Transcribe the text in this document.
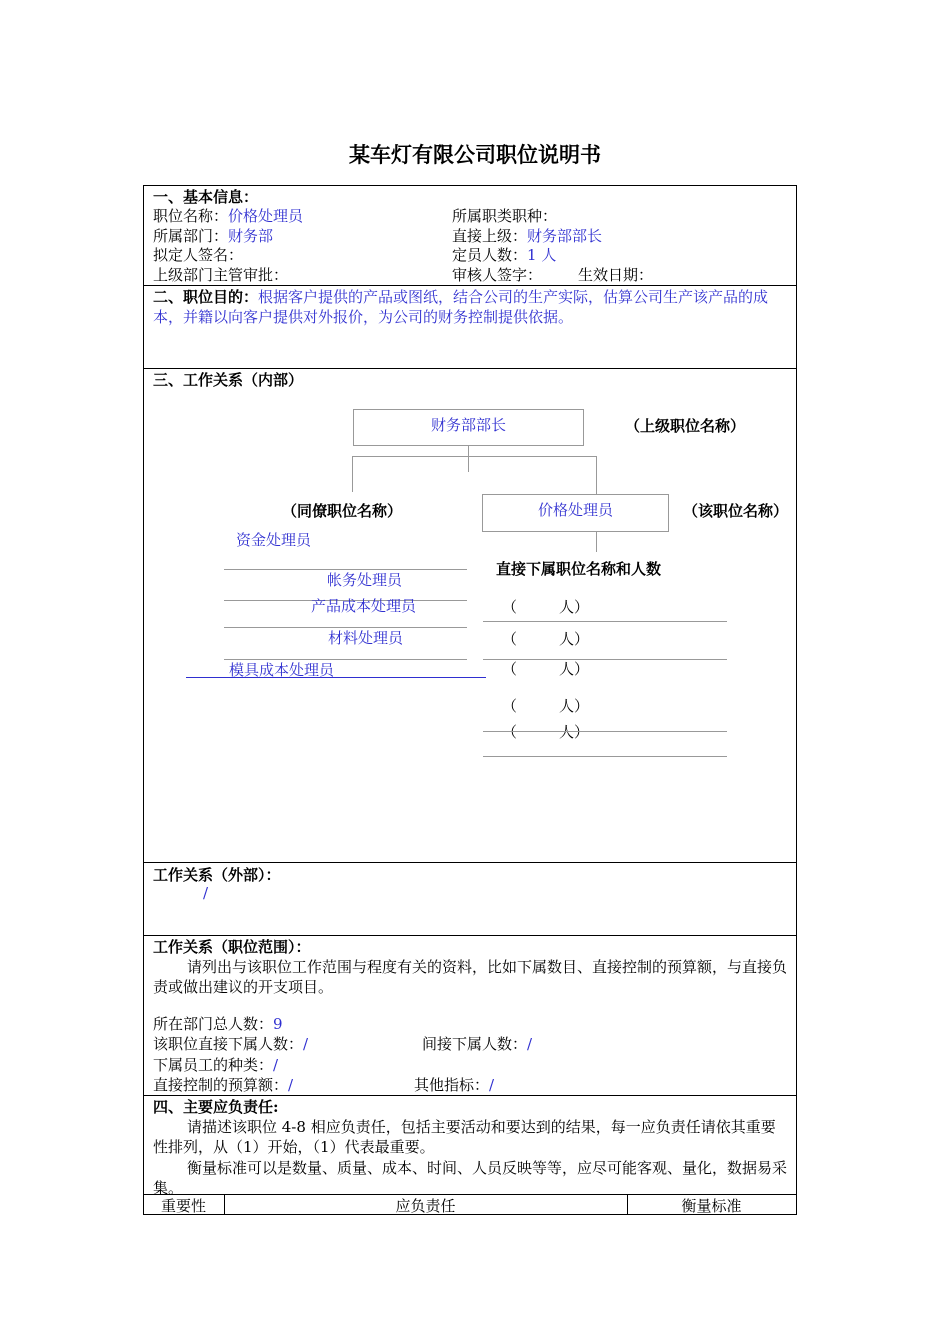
某车灯有限公司职位说明书
一、基本信息：
职位名称：价格处理员	所属职类职种：
所属部门：财务部	直接上级：财务部部长
拟定人签名：	定员人数：1 人
上级部门主管审批：	审核人签字： 生效日期：
二、职位目的：根据客户提供的产品或图纸，结合公司的生产实际，估算公司生产该产品的成本，并籍以向客户提供对外报价，为公司的财务控制提供依据。
三、工作关系（内部）
财务部部长	（上级职位名称）
（同僚职位名称）	价格处理员	（该职位名称）
资金处理员
帐务处理员
产品成本处理员
材料处理员
模具成本处理员
直接下属职位名称和人数
（	人）
（	人）
（	人）
（	人）
（	人）
工作关系（外部）：
/
工作关系（职位范围）：
请列出与该职位工作范围与程度有关的资料，比如下属数目、直接控制的预算额，与直接负责或做出建议的开支项目。
所在部门总人数：9
该职位直接下属人数：/	间接下属人数：/
下属员工的种类：/
直接控制的预算额：/	其他指标：/
四、主要应负责任:
请描述该职位 4-8 相应负责任，包括主要活动和要达到的结果，每一应负责任请依其重要性排列，从（1）开始，（1）代表最重要。
衡量标准可以是数量、质量、成本、时间、人员反映等等，应尽可能客观、量化，数据易采集。
重要性	应负责任	衡量标准
